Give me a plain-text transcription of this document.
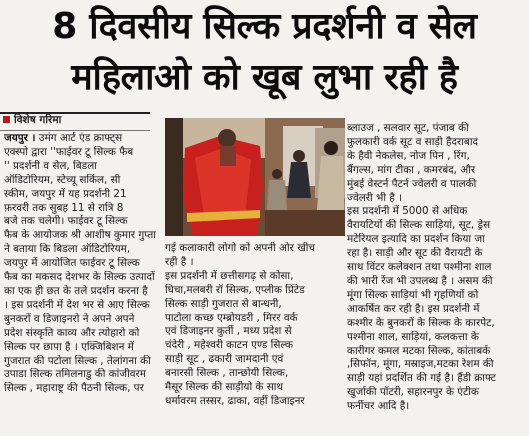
8 दिवसीय सिल्क प्रदर्शनी व सेल
महिलाओ को खूब लुभा रही है
विशेष गरिमा

जयपुर । उमंग आर्ट एंड क्राफ्ट्स

एक्स्पो द्वारा ''फाईवर टू सिल्क फैब

'' प्रदर्शनी व सेल, बिडला

ऑडिटोरियम, स्टेच्यू सर्किल, सी

स्कीम, जयपुर में यह प्रदर्शनी 21

फ़रवरी तक सुबह 11 से रात्रि 8

बजे तक चलेगी। फाईवर टू सिल्क

फैब के आयोजक श्री आशीष कुमार गुप्ता

ने बताया कि बिडला ऑडिटोरियम,

जयपुर में आयोजित फाईवर टू सिल्क

फैब का मकसद देशभर के सिल्क उत्पादों

का एक ही छत के तले प्रदर्शन करना है

। इस प्रदर्शनी में देश भर से आए सिल्क

बुनकरों व डिजाइनरो ने अपने अपने

प्रदेश संस्कृति काव्य और त्योहारो को

सिल्क पर छापा है । एक्जिबिशन में

गुजरात की पटोला सिल्क , तेलांगना की

उपाडा सिल्क तमिलनाडु की कांजीवरम

सिल्क , महाराष्ट्र की पैठनी सिल्क, पर

गई कलाकारी लोगो को अपनी ओर खीच

रही है ।

इस प्रदर्शनी में छत्तीसगढ़ से कोसा,

घिचा,मलबरी रॉ सिल्क, एप्लीक प्रिंटेड

सिल्क साड़ी गुजरात से बान्धनी,

पाटोला कच्छ एम्ब्रोयडरी , मिरर वर्क

एवं डिजाइनर कुर्ती , मध्य प्रदेश से

चंदेरी , महेश्वरी काटन एण्ड सिल्क

साड़ी सूट , ढकारी जामदानी एवं

बनारसी सिल्क , तान्छोयी सिल्क,

मैसूर सिल्क की साड़ीयो के साथ

धर्मावरम तस्सर, ढाका, वहीं डिजाइनर

ब्लाउज , सलवार सूट, पंजाब की

फुलकारी वर्क सूट व साड़ी हैदराबाद

के हैवी नेकलेस, नोज पिन , रिंग,

बैंगल्स, मांग टीका , कमरबंद, और

मुंबई वेस्टर्न पैटर्न ज्वेलरी व पालकी

ज्वेलरी भी है ।

इस प्रदर्शनी में 5000 से अधिक

वैरायटियों की सिल्क साड़ियां, सूट, ड्रेस

मटेरियल इत्यादि का प्रदर्शन किया जा

रहा है। साड़ी और सूट की वैरायटी के

साथ विंटर कलेक्शन तथा पश्मीना शाल

की भारी रेंज भी उपलब्ध है । असम की

मूंगा सिल्क साड़ियां भी गृहणियों को

आकर्षित कर रही है। इस प्रदर्शनी में

कश्मीर के बुनकरों के सिल्क के कारपेट,

पश्मीना शाल, साड़ियां, कलकत्ता के

कारीगर कमल मटका सिल्क, कांताबर्क

,सिफॉन, मूंगा, मस्राइज,मटका रेशम की

साड़ी यहां प्रदर्शित की गई है। हैंडी क्राफ्ट

खुर्जाकी पॉटरी, सहारनपुर के एंटीक

फर्नीचर आदि है।
